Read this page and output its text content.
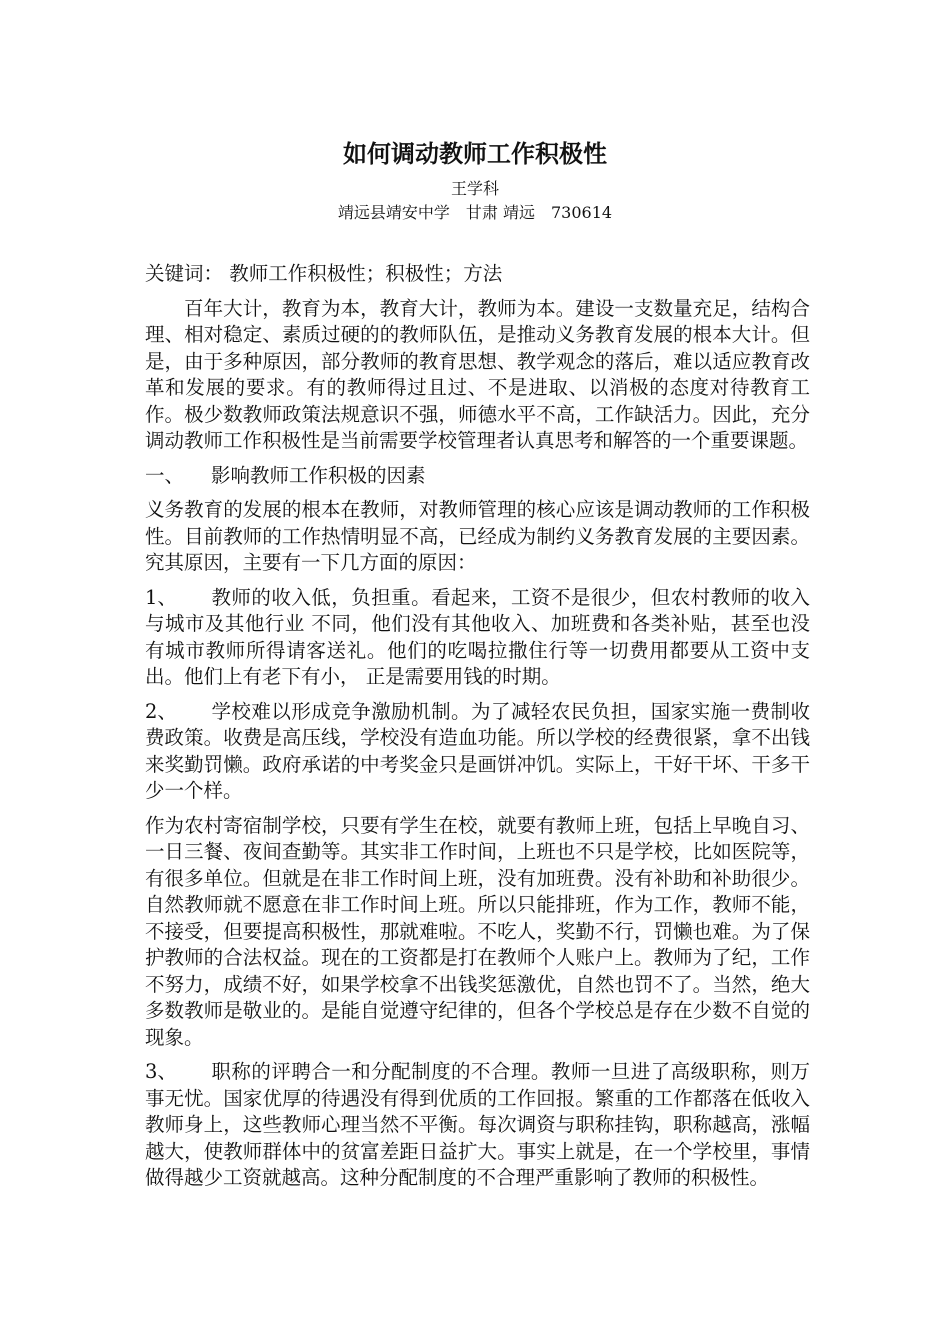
如何调动教师工作积极性
王学科
靖远县靖安中学　甘肃 靖远　730614

关键词： 教师工作积极性；积极性；方法

百年大计，教育为本，教育大计，教师为本。建设一支数量充足，结构合理、相对稳定、素质过硬的的教师队伍，是推动义务教育发展的根本大计。但是，由于多种原因，部分教师的教育思想、教学观念的落后，难以适应教育改革和发展的要求。有的教师得过且过、不是进取、以消极的态度对待教育工作。极少数教师政策法规意识不强，师德水平不高，工作缺活力。因此，充分调动教师工作积极性是当前需要学校管理者认真思考和解答的一个重要课题。

一、 影响教师工作积极的因素

义务教育的发展的根本在教师，对教师管理的核心应该是调动教师的工作积极性。目前教师的工作热情明显不高，已经成为制约义务教育发展的主要因素。究其原因，主要有一下几方面的原因：

1、 教师的收入低，负担重。看起来，工资不是很少，但农村教师的收入与城市及其他行业 不同，他们没有其他收入、加班费和各类补贴，甚至也没有城市教师所得请客送礼。他们的吃喝拉撒住行等一切费用都要从工资中支出。他们上有老下有小， 正是需要用钱的时期。

2、 学校难以形成竞争激励机制。为了减轻农民负担，国家实施一费制收费政策。收费是高压线，学校没有造血功能。所以学校的经费很紧，拿不出钱来奖勤罚懒。政府承诺的中考奖金只是画饼冲饥。实际上，干好干坏、干多干少一个样。

作为农村寄宿制学校，只要有学生在校，就要有教师上班，包括上早晚自习、一日三餐、夜间查勤等。其实非工作时间，上班也不只是学校，比如医院等，有很多单位。但就是在非工作时间上班，没有加班费。没有补助和补助很少。自然教师就不愿意在非工作时间上班。所以只能排班，作为工作，教师不能，不接受，但要提高积极性，那就难啦。不吃人，奖勤不行，罚懒也难。为了保护教师的合法权益。现在的工资都是打在教师个人账户上。教师为了纪，工作不努力，成绩不好，如果学校拿不出钱奖惩激优，自然也罚不了。当然，绝大多数教师是敬业的。是能自觉遵守纪律的，但各个学校总是存在少数不自觉的现象。

3、 职称的评聘合一和分配制度的不合理。教师一旦进了高级职称，则万事无忧。国家优厚的待遇没有得到优质的工作回报。繁重的工作都落在低收入教师身上，这些教师心理当然不平衡。每次调资与职称挂钩，职称越高，涨幅越大，使教师群体中的贫富差距日益扩大。事实上就是，在一个学校里，事情做得越少工资就越高。这种分配制度的不合理严重影响了教师的积极性。
